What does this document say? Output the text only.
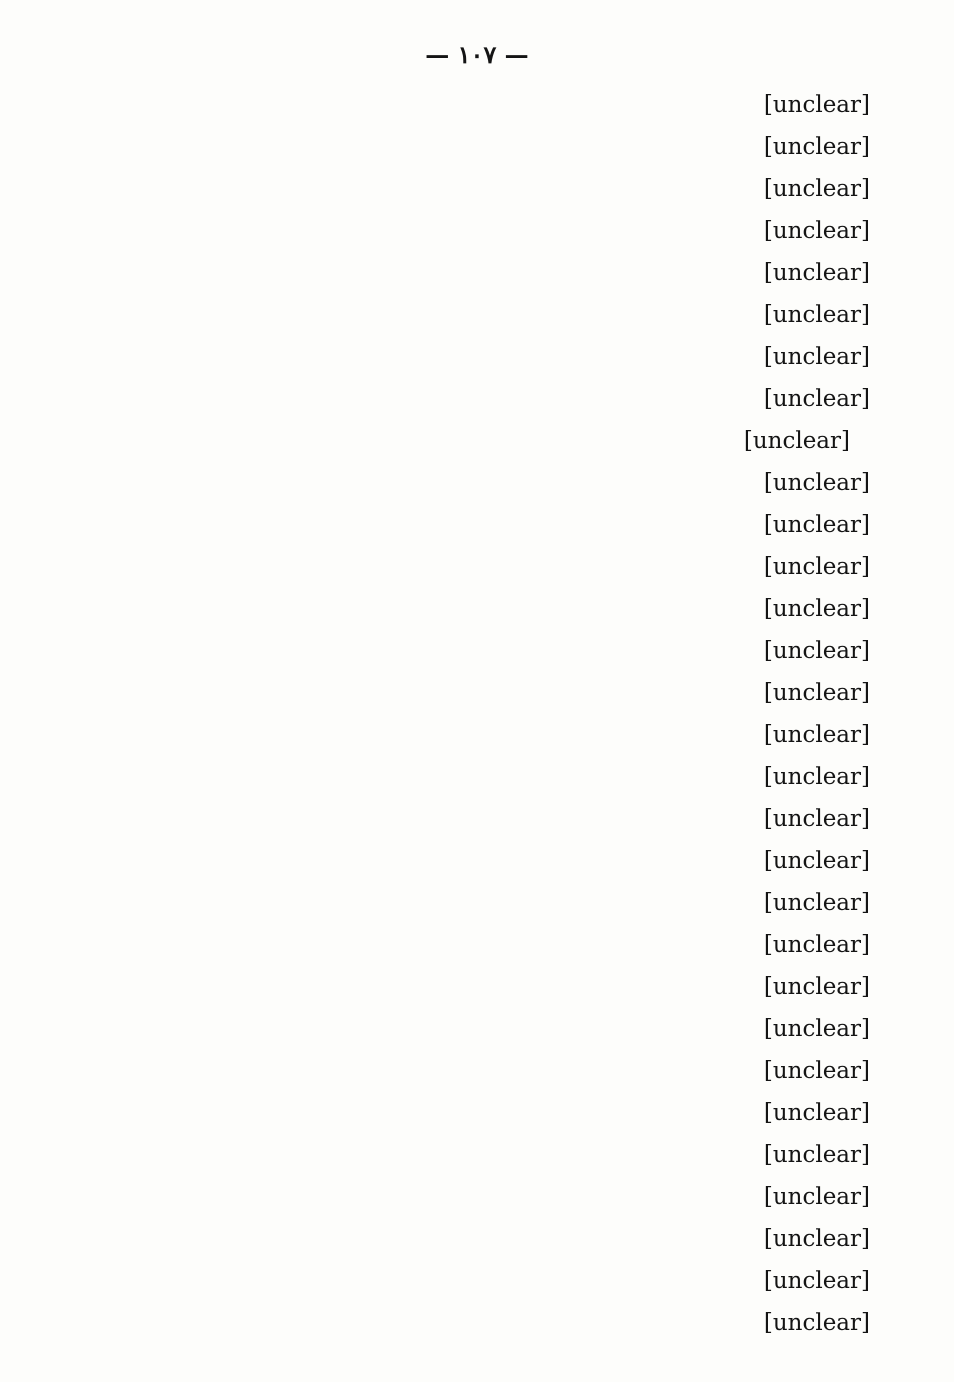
— ١٠٧ —
[unclear]
[unclear]
[unclear]
[unclear]
[unclear]
[unclear]
[unclear]
[unclear]
[unclear]
[unclear]
[unclear]
[unclear]
[unclear]
[unclear]
[unclear]
[unclear]
[unclear]
[unclear]
[unclear]
[unclear]
[unclear]
[unclear]
[unclear]
[unclear]
[unclear]
[unclear]
[unclear]
[unclear]
[unclear]
[unclear]
